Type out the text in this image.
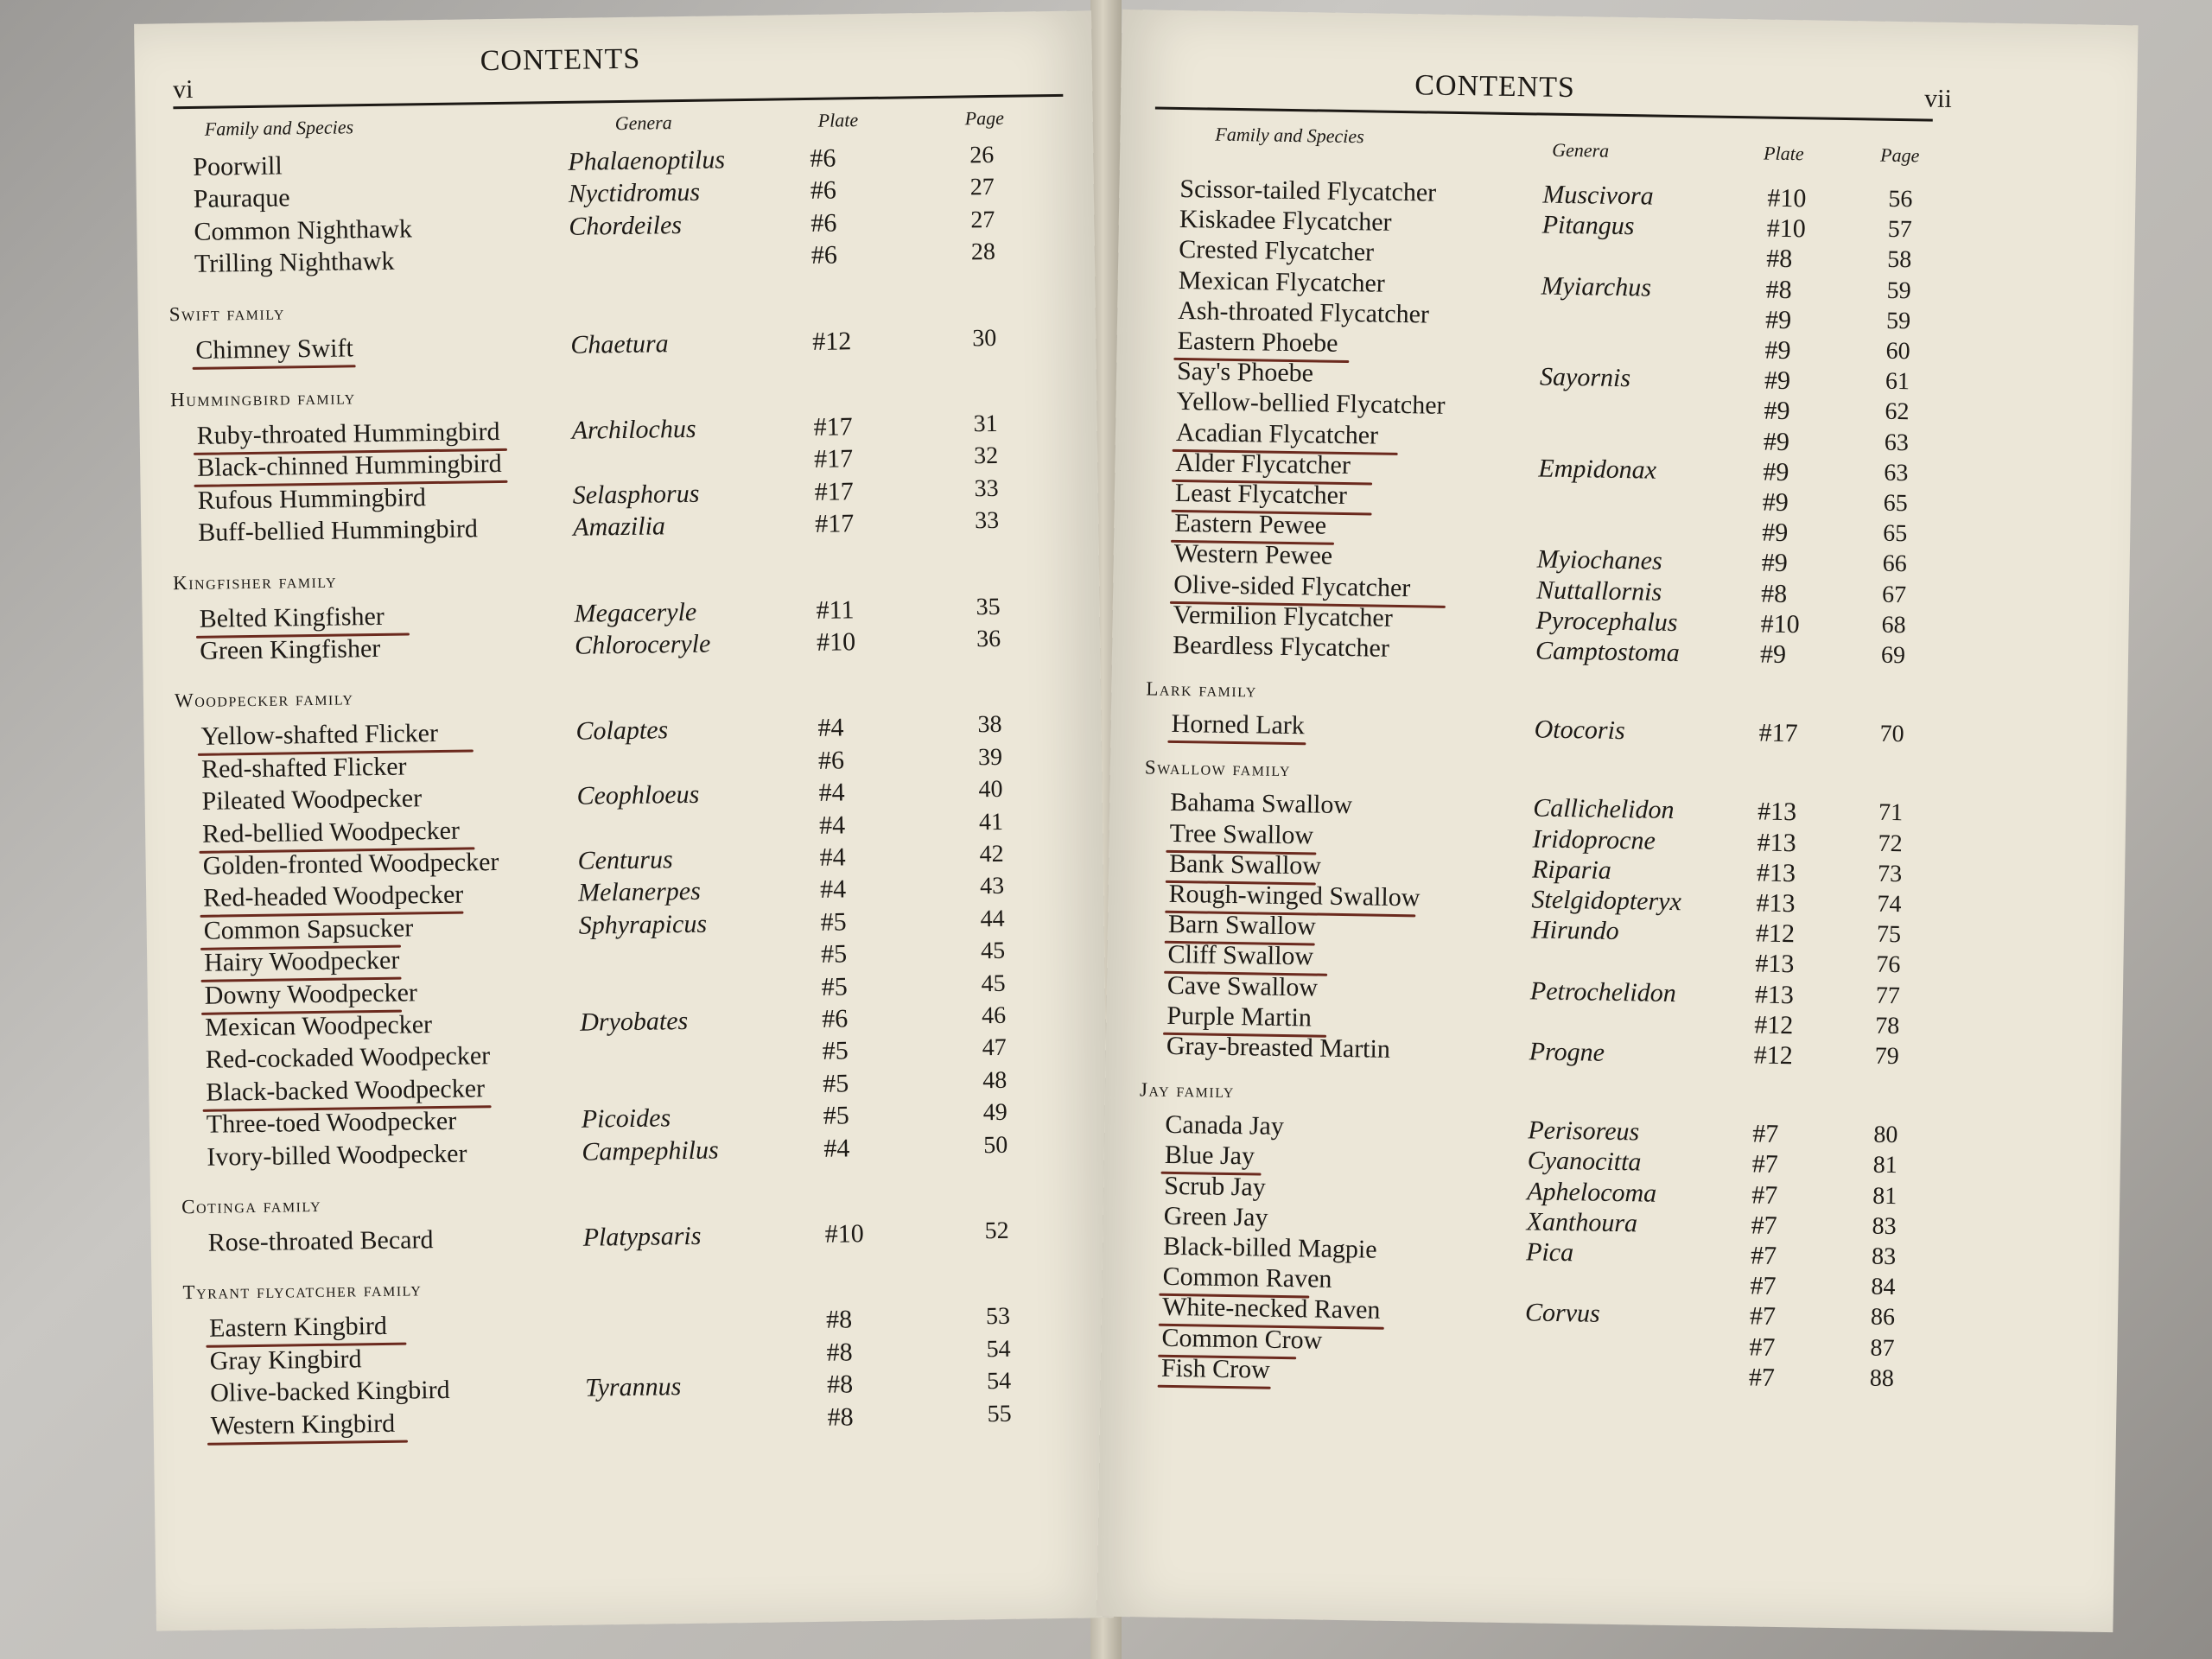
CONTENTS
vi
Family and Species	Genera	Plate	Page
Poorwill	Phalaenoptilus	#6	26
Pauraque	Nyctidromus	#6	27
Common Nighthawk	Chordeiles	#6	27
Trilling Nighthawk	#6	28
Swift family
Chimney Swift	Chaetura	#12	30
Hummingbird family
Ruby-throated Hummingbird	Archilochus	#17	31
Black-chinned Hummingbird	#17	32
Rufous Hummingbird	Selasphorus	#17	33
Buff-bellied Hummingbird	Amazilia	#17	33
Kingfisher family
Belted Kingfisher	Megaceryle	#11	35
Green Kingfisher	Chloroceryle	#10	36
Woodpecker family
Yellow-shafted Flicker	Colaptes	#4	38
Red-shafted Flicker	#6	39
Pileated Woodpecker	Ceophloeus	#4	40
Red-bellied Woodpecker	#4	41
Golden-fronted Woodpecker	Centurus	#4	42
Red-headed Woodpecker	Melanerpes	#4	43
Common Sapsucker	Sphyrapicus	#5	44
Hairy Woodpecker	#5	45
Downy Woodpecker	#5	45
Mexican Woodpecker	Dryobates	#6	46
Red-cockaded Woodpecker	#5	47
Black-backed Woodpecker	#5	48
Three-toed Woodpecker	Picoides	#5	49
Ivory-billed Woodpecker	Campephilus	#4	50
Cotinga family
Rose-throated Becard	Platypsaris	#10	52
Tyrant flycatcher family
Eastern Kingbird	#8	53
Gray Kingbird	#8	54
Olive-backed Kingbird	Tyrannus	#8	54
Western Kingbird	#8	55
CONTENTS	vii
Family and Species
Genera	Plate	Page
Scissor-tailed Flycatcher	Muscivora	#10	56
Kiskadee Flycatcher	Pitangus	#10	57
Crested Flycatcher	#8	58
Mexican Flycatcher	Myiarchus	#8	59
Ash-throated Flycatcher	#9	59
Eastern Phoebe	#9	60
Say's Phoebe	Sayornis	#9	61
Yellow-bellied Flycatcher	#9	62
Acadian Flycatcher	#9	63
Alder Flycatcher	Empidonax	#9	63
Least Flycatcher	#9	65
Eastern Pewee	#9	65
Western Pewee	Myiochanes	#9	66
Olive-sided Flycatcher	Nuttallornis	#8	67
Vermilion Flycatcher	Pyrocephalus	#10	68
Beardless Flycatcher	Camptostoma	#9	69
Lark family
Horned Lark	Otocoris	#17	70
Swallow family
Bahama Swallow	Callichelidon	#13	71
Tree Swallow	Iridoprocne	#13	72
Bank Swallow	Riparia	#13	73
Rough-winged Swallow	Stelgidopteryx	#13	74
Barn Swallow	Hirundo	#12	75
Cliff Swallow	#13	76
Cave Swallow	Petrochelidon	#13	77
Purple Martin	#12	78
Gray-breasted Martin	Progne	#12	79
Jay family
Canada Jay	Perisoreus	#7	80
Blue Jay	Cyanocitta	#7	81
Scrub Jay	Aphelocoma	#7	81
Green Jay	Xanthoura	#7	83
Black-billed Magpie	Pica	#7	83
Common Raven	#7	84
White-necked Raven	Corvus	#7	86
Common Crow	#7	87
Fish Crow	#7	88
